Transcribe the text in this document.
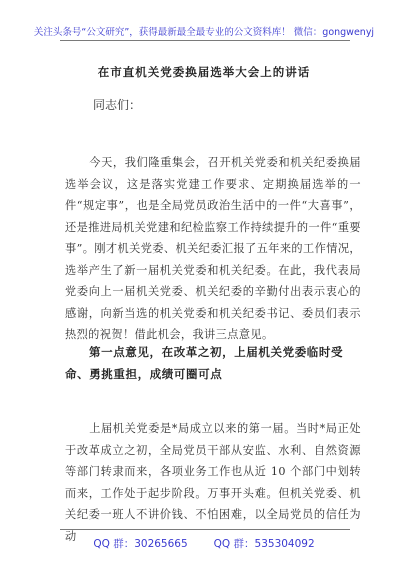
关注头条号“公文研究”，获得最新最全最专业的公文资料库！ 微信：gongwenyj
在市直机关党委换届选举大会上的讲话
同志们：

今天，我们隆重集会，召开机关党委和机关纪委换届选举会议，这是落实党建工作要求、定期换届选举的一件“规定事”，也是全局党员政治生活中的一件“大喜事”，还是推进局机关党建和纪检监察工作持续提升的一件“重要事”。刚才机关党委、机关纪委汇报了五年来的工作情况，选举产生了新一届机关党委和机关纪委。在此，我代表局党委向上一届机关党委、机关纪委的辛勤付出表示衷心的感谢，向新当选的机关党委和机关纪委书记、委员们表示热烈的祝贺！借此机会，我讲三点意见。

第一点意见，在改革之初，上届机关党委临时受命、勇挑重担，成绩可圈可点

上届机关党委是*局成立以来的第一届。当时*局正处于改革成立之初，全局党员干部从安监、水利、自然资源等部门转隶而来，各项业务工作也从近 10 个部门中划转而来，工作处于起步阶段。万事开头难。但机关党委、机关纪委一班人不讲价钱、不怕困难，以全局党员的信任为动

QQ 群：30265665 QQ 群：535304092
